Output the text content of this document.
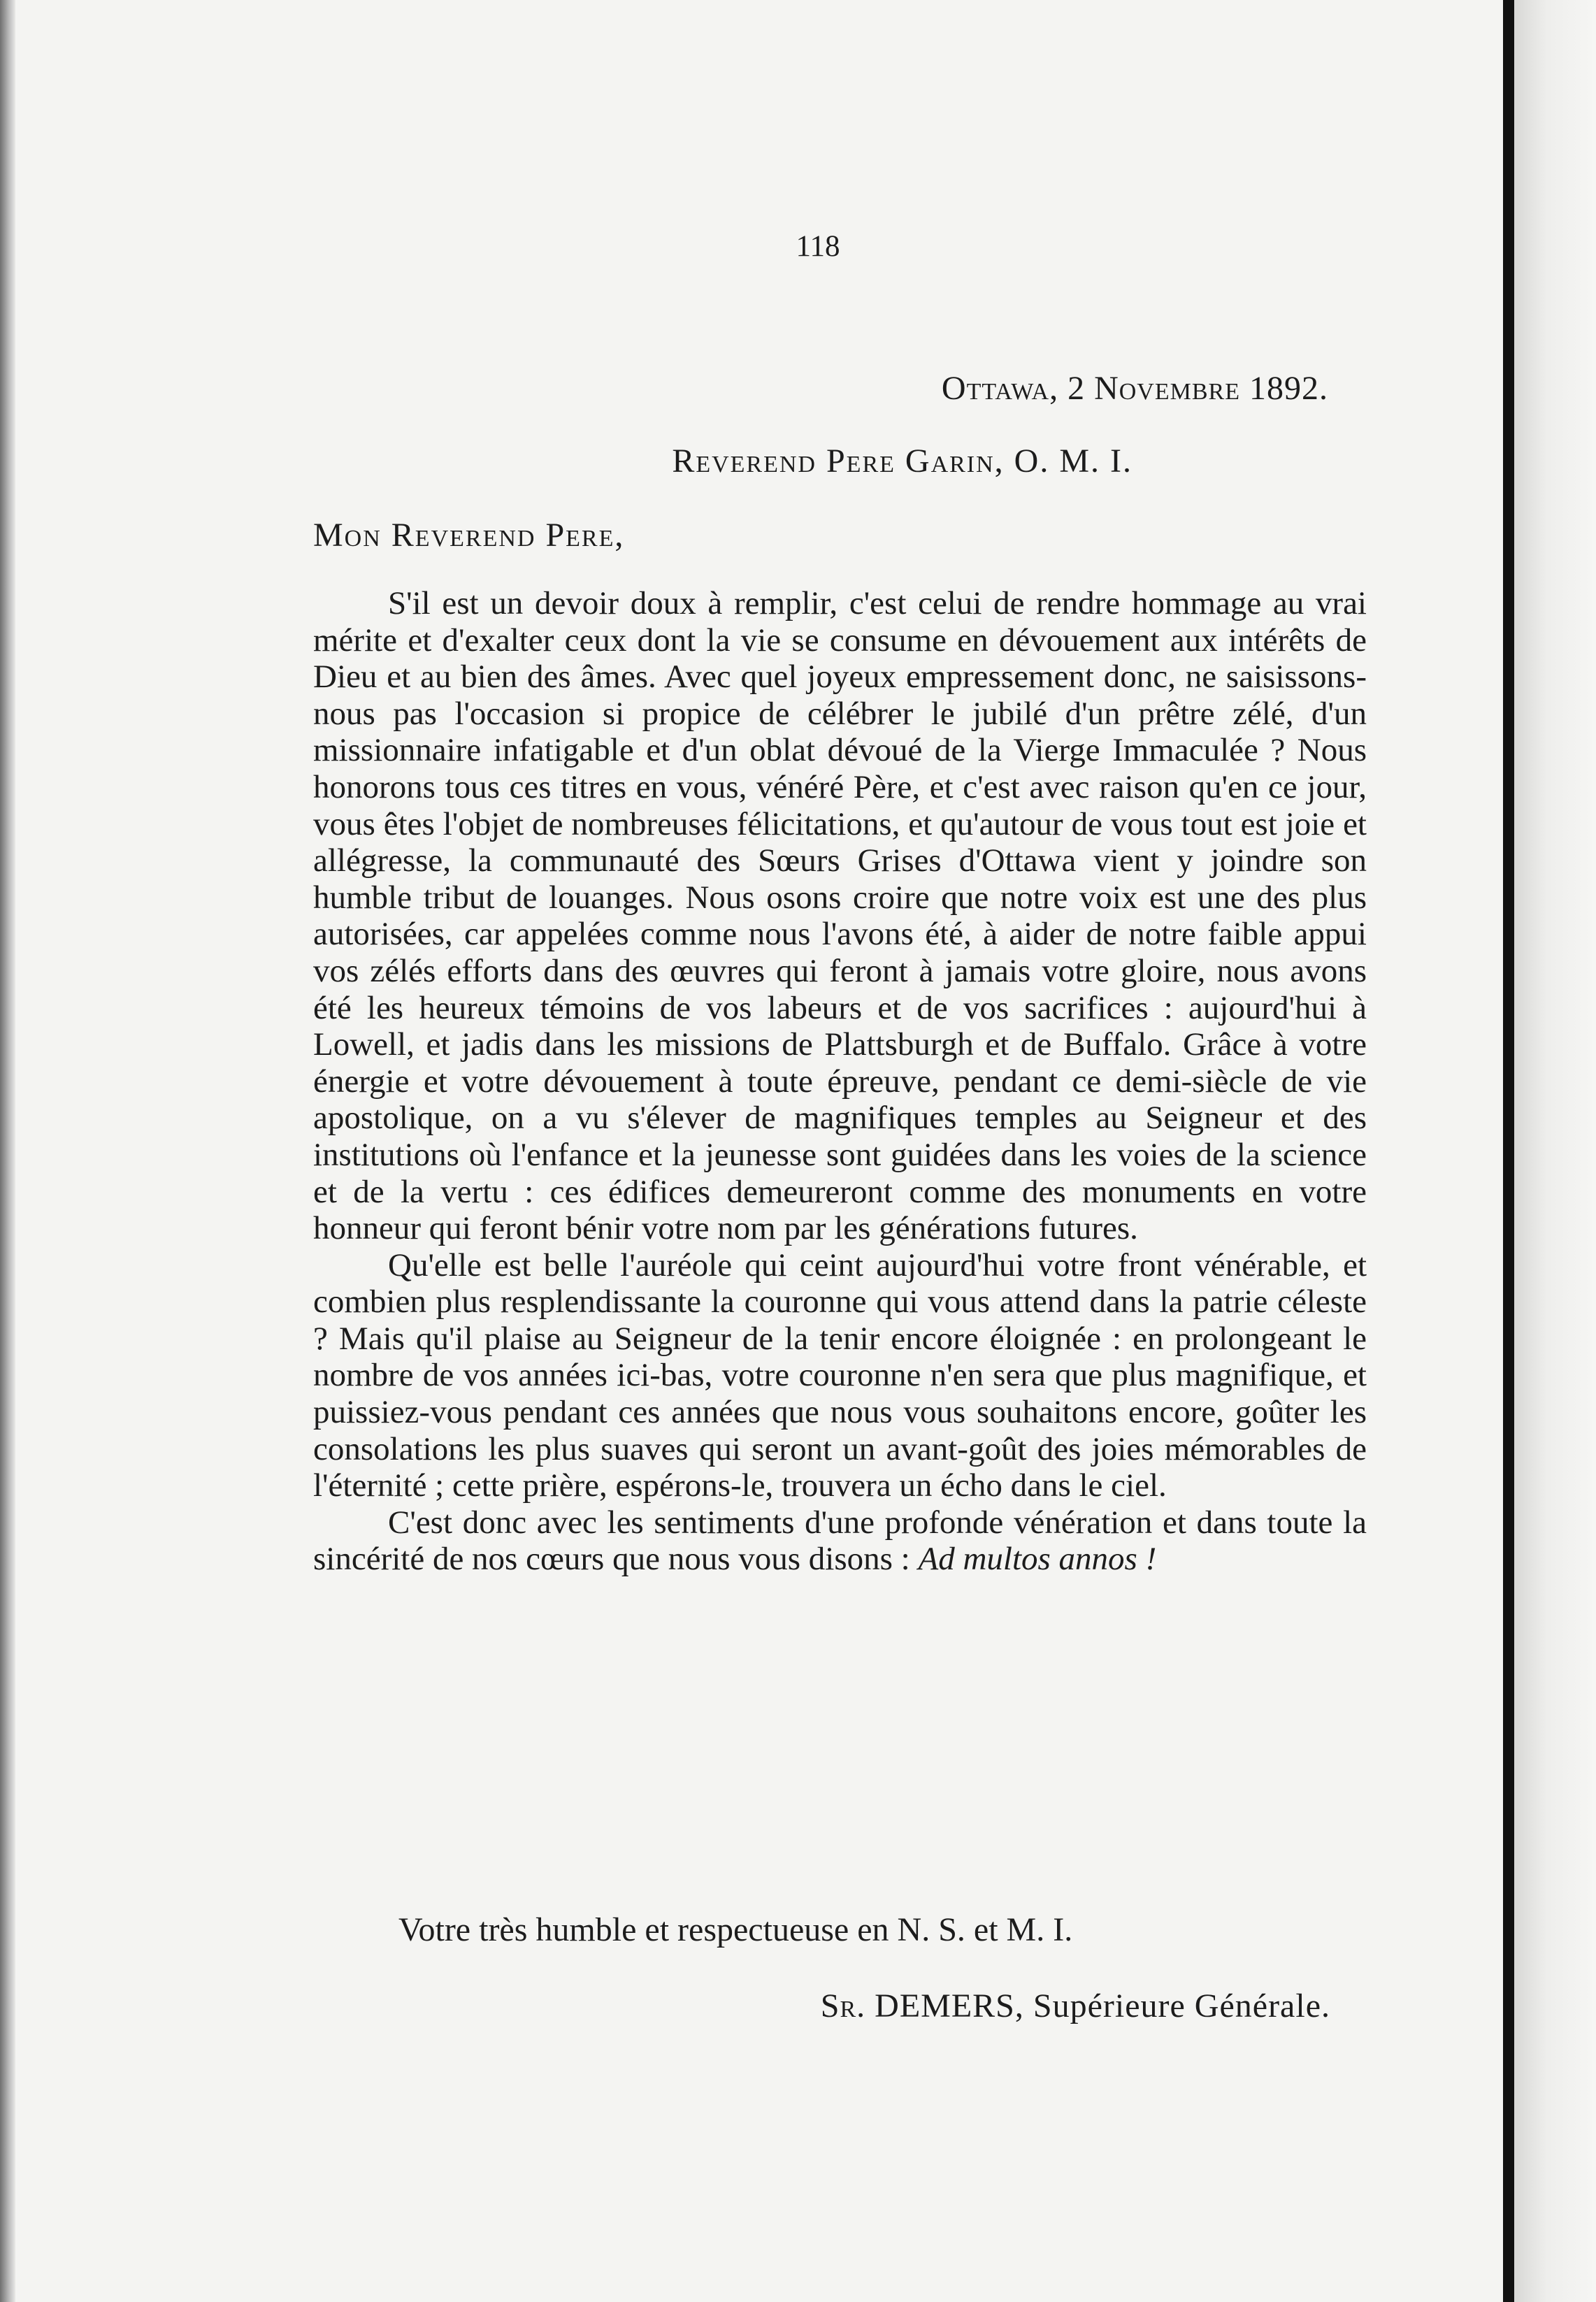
118
Ottawa, 2 Novembre 1892.
Reverend Pere Garin, O. M. I.
Mon Reverend Pere,

S'il est un devoir doux à remplir, c'est celui de rendre hommage au vrai mérite et d'exalter ceux dont la vie se consume en dévouement aux intérêts de Dieu et au bien des âmes. Avec quel joyeux empressement donc, ne saisissons-nous pas l'occasion si propice de célébrer le jubilé d'un prêtre zélé, d'un missionnaire infatigable et d'un oblat dévoué de la Vierge Immaculée ? Nous honorons tous ces titres en vous, vénéré Père, et c'est avec raison qu'en ce jour, vous êtes l'objet de nombreuses félicitations, et qu'autour de vous tout est joie et allégresse, la communauté des Sœurs Grises d'Ottawa vient y joindre son humble tribut de louanges. Nous osons croire que notre voix est une des plus autorisées, car appelées comme nous l'avons été, à aider de notre faible appui vos zélés efforts dans des œuvres qui feront à jamais votre gloire, nous avons été les heureux témoins de vos labeurs et de vos sacrifices : aujourd'hui à Lowell, et jadis dans les missions de Plattsburgh et de Buffalo. Grâce à votre énergie et votre dévouement à toute épreuve, pendant ce demi-siècle de vie apostolique, on a vu s'élever de magnifiques temples au Seigneur et des institutions où l'enfance et la jeunesse sont guidées dans les voies de la science et de la vertu : ces édifices demeureront comme des monuments en votre honneur qui feront bénir votre nom par les générations futures.

Qu'elle est belle l'auréole qui ceint aujourd'hui votre front vénérable, et combien plus resplendissante la couronne qui vous attend dans la patrie céleste ? Mais qu'il plaise au Seigneur de la tenir encore éloignée : en prolongeant le nombre de vos années ici-bas, votre couronne n'en sera que plus magnifique, et puissiez-vous pendant ces années que nous vous souhaitons encore, goûter les consolations les plus suaves qui seront un avant-goût des joies mémorables de l'éternité ; cette prière, espérons-le, trouvera un écho dans le ciel.

C'est donc avec les sentiments d'une profonde vénération et dans toute la sincérité de nos cœurs que nous vous disons : Ad multos annos !

Votre très humble et respectueuse en N. S. et M. I.
Sr. DEMERS, Supérieure Générale.
